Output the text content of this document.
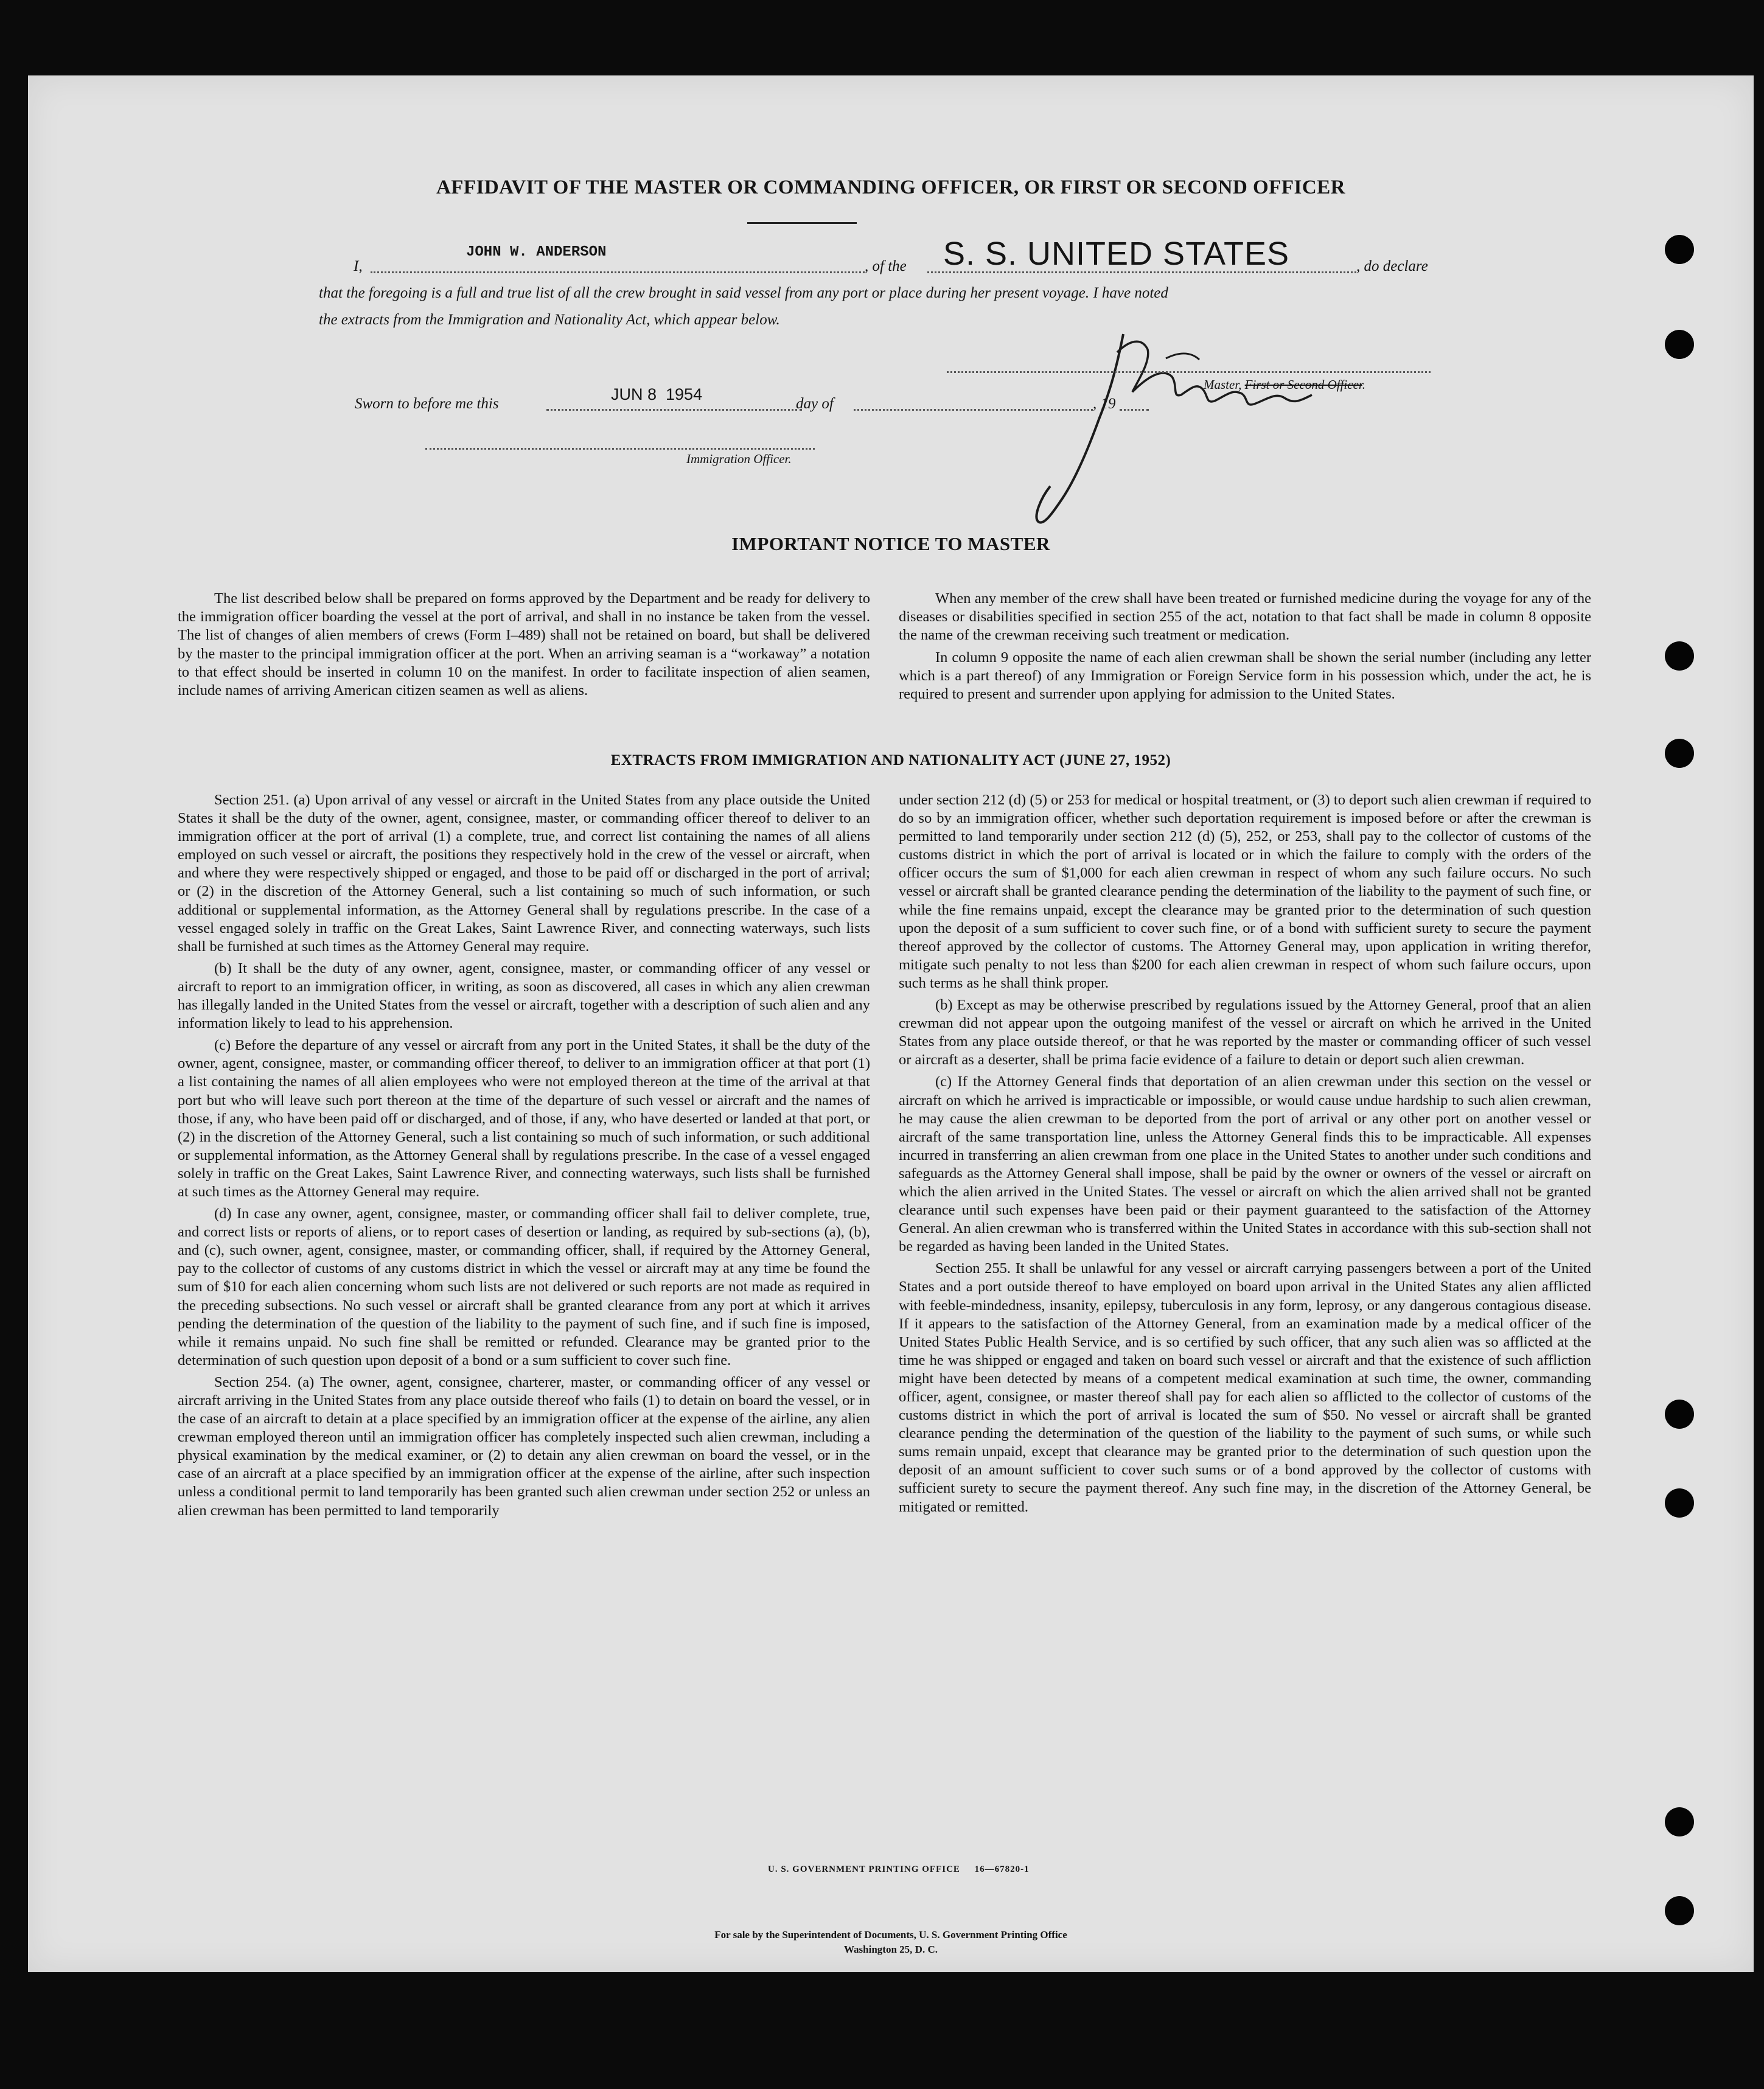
AFFIDAVIT OF THE MASTER OR COMMANDING OFFICER, OR FIRST OR SECOND OFFICER
I,
JOHN W. ANDERSON
, of the S. S. UNITED STATES	, do declare
that the foregoing is a full and true list of all the crew brought in said vessel from any port or place during her present voyage. I have noted
the extracts from the Immigration and Nationality Act, which appear below.
Master, First or Second Officer.
Sworn to before me this
JUN 8  1954
day of	, 19
Immigration Officer.
IMPORTANT NOTICE TO MASTER

The list described below shall be prepared on forms approved by the Department and be ready for delivery to the immigration officer boarding the vessel at the port of arrival, and shall in no instance be taken from the vessel. The list of changes of alien members of crews (Form I–489) shall not be retained on board, but shall be delivered by the master to the principal immigration officer at the port. When an arriving seaman is a “workaway” a notation to that effect should be inserted in column 10 on the manifest. In order to facilitate inspection of alien seamen, include names of arriving American citizen seamen as well as aliens.

When any member of the crew shall have been treated or furnished medicine during the voyage for any of the diseases or disabilities specified in section 255 of the act, notation to that fact shall be made in column 8 opposite the name of the crewman receiving such treatment or medication.

In column 9 opposite the name of each alien crewman shall be shown the serial number (including any letter which is a part thereof) of any Immigration or Foreign Service form in his possession which, under the act, he is required to present and surrender upon applying for admission to the United States.

EXTRACTS FROM IMMIGRATION AND NATIONALITY ACT (JUNE 27, 1952)

Section 251. (a) Upon arrival of any vessel or aircraft in the United States from any place outside the United States it shall be the duty of the owner, agent, consignee, master, or commanding officer thereof to deliver to an immigration officer at the port of arrival (1) a complete, true, and correct list containing the names of all aliens employed on such vessel or aircraft, the positions they respectively hold in the crew of the vessel or aircraft, when and where they were respectively shipped or engaged, and those to be paid off or discharged in the port of arrival; or (2) in the discretion of the Attorney General, such a list containing so much of such information, or such additional or supplemental information, as the Attorney General shall by regulations prescribe. In the case of a vessel engaged solely in traffic on the Great Lakes, Saint Lawrence River, and connecting waterways, such lists shall be furnished at such times as the Attorney General may require.

(b) It shall be the duty of any owner, agent, consignee, master, or commanding officer of any vessel or aircraft to report to an immigration officer, in writing, as soon as discovered, all cases in which any alien crewman has illegally landed in the United States from the vessel or aircraft, together with a description of such alien and any information likely to lead to his apprehension.

(c) Before the departure of any vessel or aircraft from any port in the United States, it shall be the duty of the owner, agent, consignee, master, or commanding officer thereof, to deliver to an immigration officer at that port (1) a list containing the names of all alien employees who were not employed thereon at the time of the arrival at that port but who will leave such port thereon at the time of the departure of such vessel or aircraft and the names of those, if any, who have been paid off or discharged, and of those, if any, who have deserted or landed at that port, or (2) in the discretion of the Attorney General, such a list containing so much of such information, or such additional or supplemental information, as the Attorney General shall by regulations prescribe. In the case of a vessel engaged solely in traffic on the Great Lakes, Saint Lawrence River, and connecting waterways, such lists shall be furnished at such times as the Attorney General may require.

(d) In case any owner, agent, consignee, master, or commanding officer shall fail to deliver complete, true, and correct lists or reports of aliens, or to report cases of desertion or landing, as required by sub-sections (a), (b), and (c), such owner, agent, consignee, master, or commanding officer, shall, if required by the Attorney General, pay to the collector of customs of any customs district in which the vessel or aircraft may at any time be found the sum of $10 for each alien concerning whom such lists are not delivered or such reports are not made as required in the preceding subsections. No such vessel or aircraft shall be granted clearance from any port at which it arrives pending the determination of the question of the liability to the payment of such fine, and if such fine is imposed, while it remains unpaid. No such fine shall be remitted or refunded. Clearance may be granted prior to the determination of such question upon deposit of a bond or a sum sufficient to cover such fine.

Section 254. (a) The owner, agent, consignee, charterer, master, or commanding officer of any vessel or aircraft arriving in the United States from any place outside thereof who fails (1) to detain on board the vessel, or in the case of an aircraft to detain at a place specified by an immigration officer at the expense of the airline, any alien crewman employed thereon until an immigration officer has completely inspected such alien crewman, including a physical examination by the medical examiner, or (2) to detain any alien crewman on board the vessel, or in the case of an aircraft at a place specified by an immigration officer at the expense of the airline, after such inspection unless a conditional permit to land temporarily has been granted such alien crewman under section 252 or unless an alien crewman has been permitted to land temporarily

under section 212 (d) (5) or 253 for medical or hospital treatment, or (3) to deport such alien crewman if required to do so by an immigration officer, whether such deportation requirement is imposed before or after the crewman is permitted to land temporarily under section 212 (d) (5), 252, or 253, shall pay to the collector of customs of the customs district in which the port of arrival is located or in which the failure to comply with the orders of the officer occurs the sum of $1,000 for each alien crewman in respect of whom any such failure occurs. No such vessel or aircraft shall be granted clearance pending the determination of the liability to the payment of such fine, or while the fine remains unpaid, except the clearance may be granted prior to the determination of such question upon the deposit of a sum sufficient to cover such fine, or of a bond with sufficient surety to secure the payment thereof approved by the collector of customs. The Attorney General may, upon application in writing therefor, mitigate such penalty to not less than $200 for each alien crewman in respect of whom such failure occurs, upon such terms as he shall think proper.

(b) Except as may be otherwise prescribed by regulations issued by the Attorney General, proof that an alien crewman did not appear upon the outgoing manifest of the vessel or aircraft on which he arrived in the United States from any place outside thereof, or that he was reported by the master or commanding officer of such vessel or aircraft as a deserter, shall be prima facie evidence of a failure to detain or deport such alien crewman.

(c) If the Attorney General finds that deportation of an alien crewman under this section on the vessel or aircraft on which he arrived is impracticable or impossible, or would cause undue hardship to such alien crewman, he may cause the alien crewman to be deported from the port of arrival or any other port on another vessel or aircraft of the same transportation line, unless the Attorney General finds this to be impracticable. All expenses incurred in transferring an alien crewman from one place in the United States to another under such conditions and safeguards as the Attorney General shall impose, shall be paid by the owner or owners of the vessel or aircraft on which the alien arrived in the United States. The vessel or aircraft on which the alien arrived shall not be granted clearance until such expenses have been paid or their payment guaranteed to the satisfaction of the Attorney General. An alien crewman who is transferred within the United States in accordance with this sub-section shall not be regarded as having been landed in the United States.

Section 255. It shall be unlawful for any vessel or aircraft carrying passengers between a port of the United States and a port outside thereof to have employed on board upon arrival in the United States any alien afflicted with feeble-mindedness, insanity, epilepsy, tuberculosis in any form, leprosy, or any dangerous contagious disease. If it appears to the satisfaction of the Attorney General, from an examination made by a medical officer of the United States Public Health Service, and is so certified by such officer, that any such alien was so afflicted at the time he was shipped or engaged and taken on board such vessel or aircraft and that the existence of such affliction might have been detected by means of a competent medical examination at such time, the owner, commanding officer, agent, consignee, or master thereof shall pay for each alien so afflicted to the collector of customs of the customs district in which the port of arrival is located the sum of $50. No vessel or aircraft shall be granted clearance pending the determination of the question of the liability to the payment of such sums, or while such sums remain unpaid, except that clearance may be granted prior to the determination of such question upon the deposit of an amount sufficient to cover such sums or of a bond approved by the collector of customs with sufficient surety to secure the payment thereof. Any such fine may, in the discretion of the Attorney General, be mitigated or remitted.

U. S. GOVERNMENT PRINTING OFFICE     16—67820-1
For sale by the Superintendent of Documents, U. S. Government Printing Office
Washington 25, D. C.
